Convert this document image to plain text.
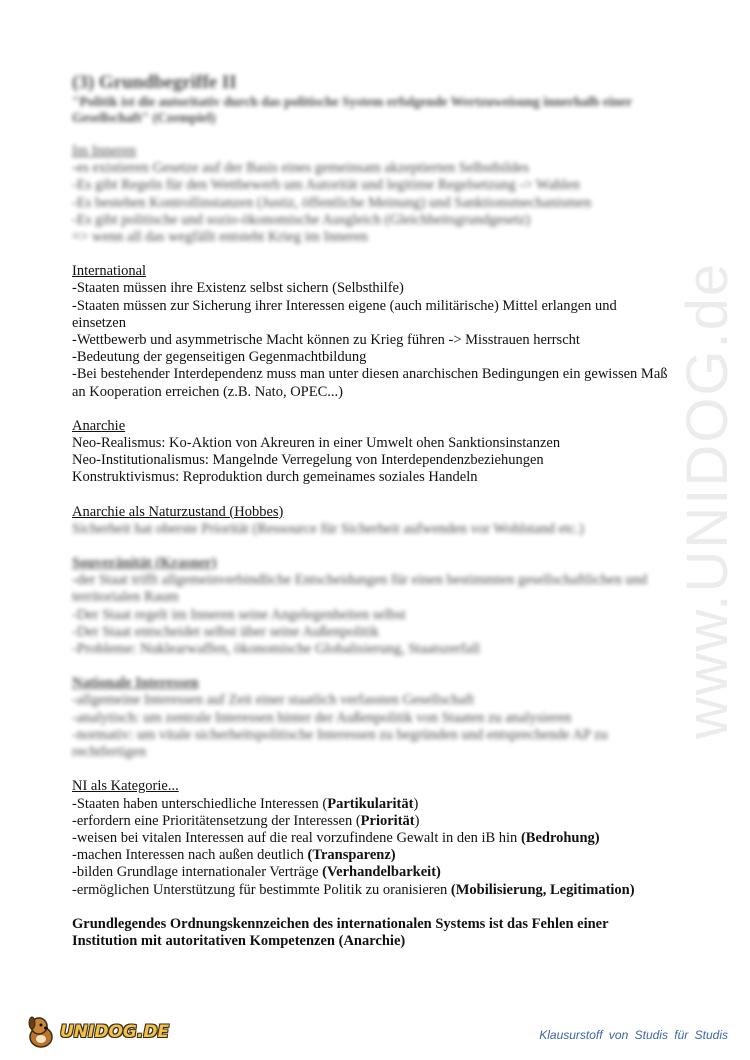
(3) Grundbegriffe II
"Politik ist die autoritativ durch das politische System erfolgende Wertzuweisung innerhalb einer Gesellschaft" (Czempiel)
Im Inneren
-es existieren Gesetze auf der Basis eines gemeinsam akzeptierten Selbstbildes
-Es gibt Regeln für den Wettbewerb um Autorität und legitime Regelsetzung -> Wahlen
-Es bestehen Kontrollinstanzen (Justiz, öffentliche Meinung) und Sanktionsmechanismen
-Es gibt politische und sozio-ökonomische Ausgleich (Gleichheitsgrundgesetz)
=> wenn all das wegfällt entsteht Krieg im Inneren
International
-Staaten müssen ihre Existenz selbst sichern (Selbsthilfe)
-Staaten müssen zur Sicherung ihrer Interessen eigene (auch militärische) Mittel erlangen und einsetzen
-Wettbewerb und asymmetrische Macht können zu Krieg führen -> Misstrauen herrscht
-Bedeutung der gegenseitigen Gegenmachtbildung
-Bei bestehender Interdependenz muss man unter diesen anarchischen Bedingungen ein gewissen Maß an Kooperation erreichen (z.B. Nato, OPEC...)
Anarchie
Neo-Realismus: Ko-Aktion von Akreuren in einer Umwelt ohen Sanktionsinstanzen
Neo-Institutionalismus: Mangelnde Verregelung von Interdependenzbeziehungen
Konstruktivismus: Reproduktion durch gemeinames soziales Handeln
Anarchie als Naturzustand (Hobbes)
Sicherheit hat oberste Priorität (Ressource für Sicherheit aufwenden vor Wohlstand etc.)
Souveränität (Krasner)
-der Staat trifft allgemeinverbindliche Entscheidungen für einen bestimmten gesellschaftlichen und territorialen Raum
-Der Staat regelt im Inneren seine Angelegenheiten selbst
-Der Staat entscheidet selbst über seine Außenpolitik
-Probleme: Nuklearwaffen, ökonomische Globalisierung, Staatszerfall
Nationale Interessen
-allgemeine Interessen auf Zeit einer staatlich verfassten Gesellschaft
-analytisch: um zentrale Interessen hinter der Außenpolitik von Staaten zu analysieren
-normativ: um vitale sicherheitspolitische Interessen zu begründen und entsprechende AP zu rechtfertigen
NI als Kategorie...
-Staaten haben unterschiedliche Interessen (Partikularität)
-erfordern eine Prioritätensetzung der Interessen (Priorität)
-weisen bei vitalen Interessen auf die real vorzufindene Gewalt in den iB hin (Bedrohung)
-machen Interessen nach außen deutlich (Transparenz)
-bilden Grundlage internationaler Verträge (Verhandelbarkeit)
-ermöglichen Unterstützung für bestimmte Politik zu oranisieren (Mobilisierung, Legitimation)
Grundlegendes Ordnungskennzeichen des internationalen Systems ist das Fehlen einer Institution mit autoritativen Kompetenzen (Anarchie)
www.UNIDOG.de
UNIDOG.DE	Klausurstoff von Studis für Studis
